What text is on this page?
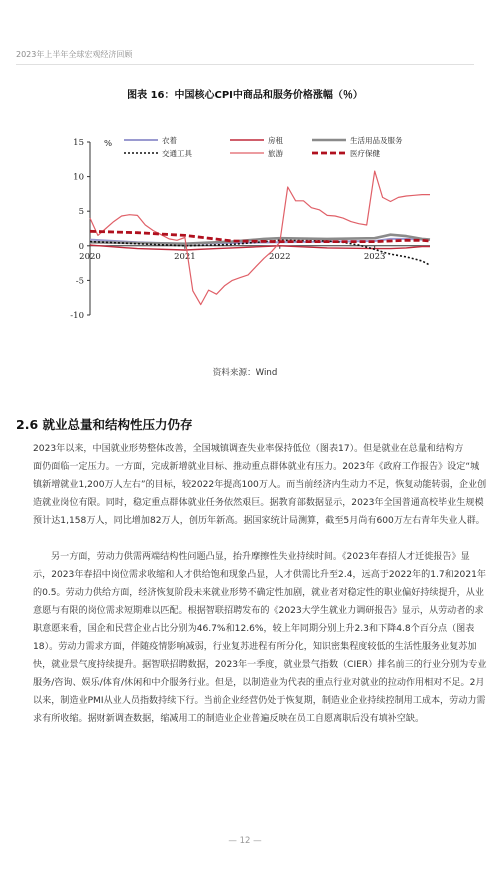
2023年上半年全球宏观经济回顾
图表 16：中国核心CPI中商品和服务价格涨幅（％）
-10
-5
0
5
10
15 %
2020	2021	2022	2023
衣着	房租	生活用品及服务
交通工具	旅游	医疗保健
资料来源：Wind
2.6 就业总量和结构性压力仍存
2023年以来，中国就业形势整体改善，全国城镇调查失业率保持低位（图表17）。但是就业在总量和结构方
面仍面临一定压力。一方面，完成新增就业目标、推动重点群体就业有压力。2023年《政府工作报告》设定“城
镇新增就业1,200万人左右”的目标，较2022年提高100万人。而当前经济内生动力不足，恢复动能转弱，企业创
造就业岗位有限。同时，稳定重点群体就业任务依然艰巨。据教育部数据显示，2023年全国普通高校毕业生规模
预计达1,158万人，同比增加82万人，创历年新高。据国家统计局测算，截至5月尚有600万左右青年失业人群。
另一方面，劳动力供需两端结构性问题凸显，抬升摩擦性失业持续时间。《2023年春招人才迁徙报告》显
示，2023年春招中岗位需求收缩和人才供给饱和现象凸显，人才供需比升至2.4，远高于2022年的1.7和2021年
的0.5。劳动力供给方面，经济恢复阶段未来就业形势不确定性加剧，就业者对稳定性的职业偏好持续提升，从业
意愿与有限的岗位需求短期难以匹配。根据智联招聘发布的《2023大学生就业力调研报告》显示，从劳动者的求
职意愿来看，国企和民营企业占比分别为46.7%和12.6%，较上年同期分别上升2.3和下降4.8个百分点（图表
18）。劳动力需求方面，伴随疫情影响减弱，行业复苏进程有所分化，知识密集程度较低的生活性服务业复苏加
快，就业景气度持续提升。据智联招聘数据，2023年一季度，就业景气指数（CIER）排名前三的行业分别为专业
服务/咨询、娱乐/体育/休闲和中介服务行业。但是，以制造业为代表的重点行业对就业的拉动作用相对不足。2月
以来，制造业PMI从业人员指数持续下行。当前企业经营仍处于恢复期，制造业企业持续控制用工成本，劳动力需
求有所收缩。据财新调查数据，缩减用工的制造业企业普遍反映在员工自愿离职后没有填补空缺。
— 12 —
